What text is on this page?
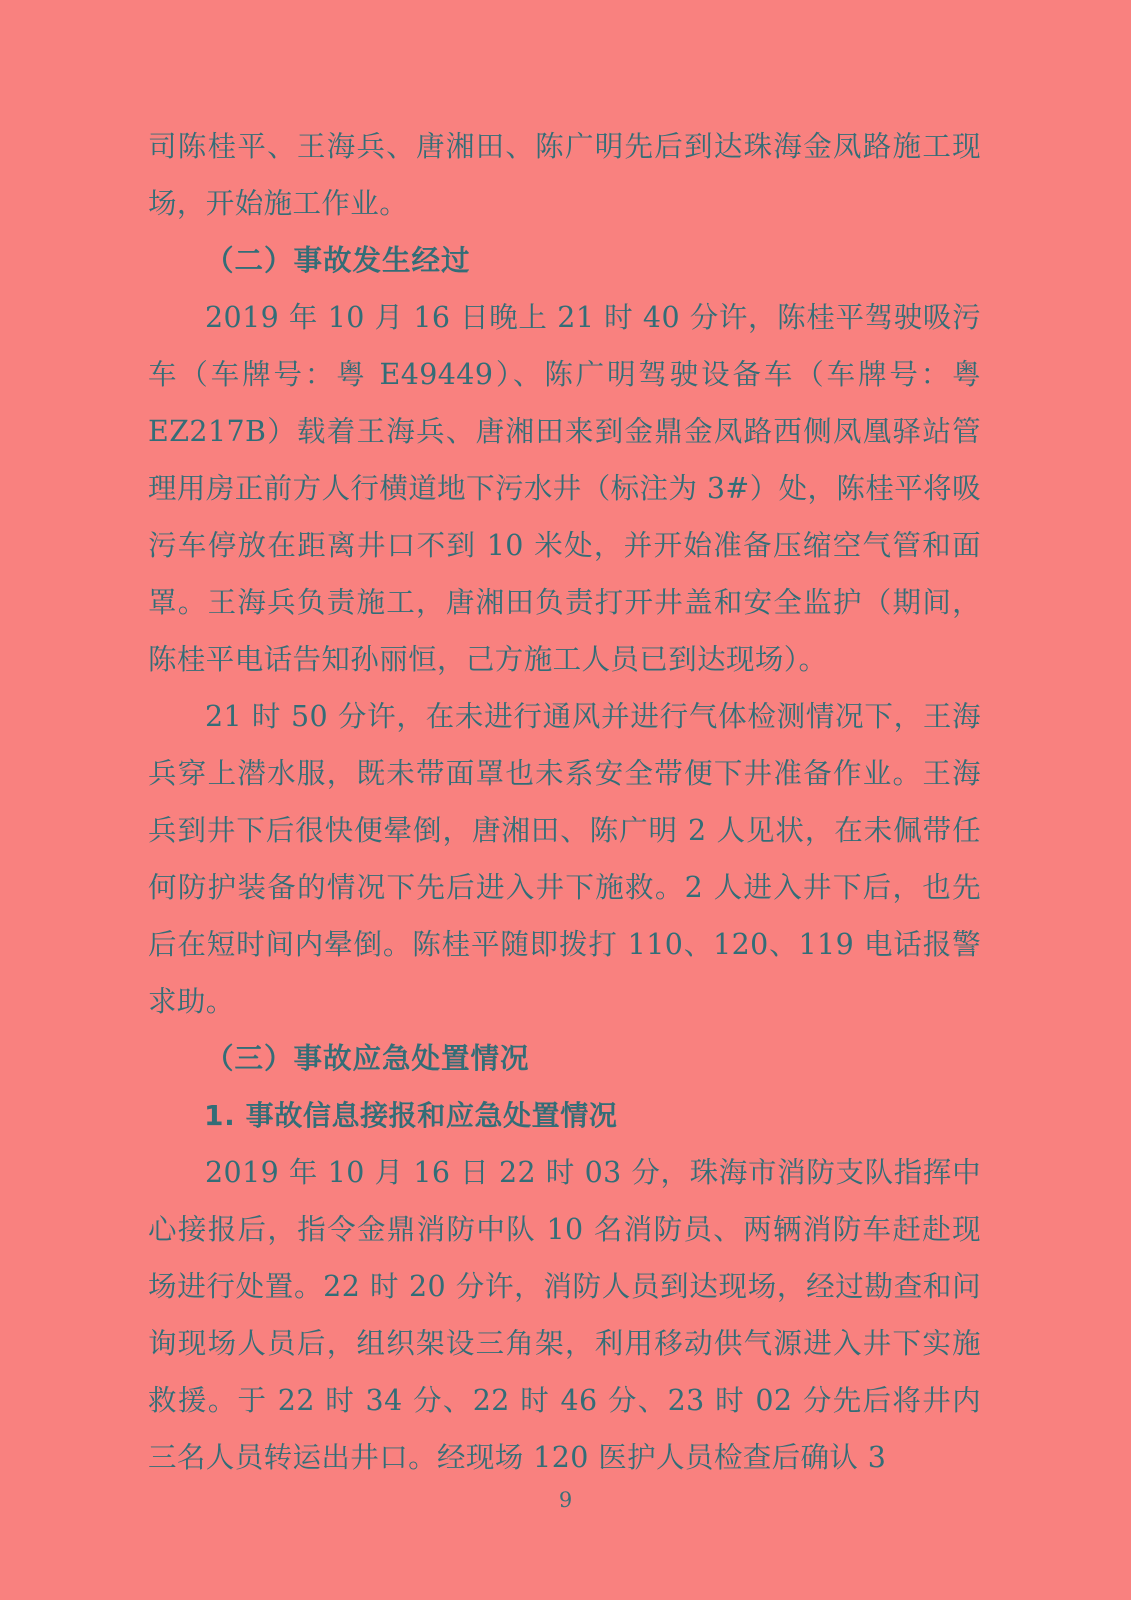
司陈桂平、王海兵、唐湘田、陈广明先后到达珠海金凤路施工现场，开始施工作业。

（二）事故发生经过

2019 年 10 月 16 日晚上 21 时 40 分许，陈桂平驾驶吸污车（车牌号：粤 E49449）、陈广明驾驶设备车（车牌号：粤 EZ217B）载着王海兵、唐湘田来到金鼎金凤路西侧凤凰驿站管理用房正前方人行横道地下污水井（标注为 3#）处，陈桂平将吸污车停放在距离井口不到 10 米处，并开始准备压缩空气管和面罩。王海兵负责施工，唐湘田负责打开井盖和安全监护（期间，陈桂平电话告知孙丽恒，己方施工人员已到达现场）。

21 时 50 分许，在未进行通风并进行气体检测情况下，王海兵穿上潜水服，既未带面罩也未系安全带便下井准备作业。王海兵到井下后很快便晕倒，唐湘田、陈广明 2 人见状，在未佩带任何防护装备的情况下先后进入井下施救。2 人进入井下后，也先后在短时间内晕倒。陈桂平随即拨打 110、120、119 电话报警求助。

（三）事故应急处置情况
1. 事故信息接报和应急处置情况

2019 年 10 月 16 日 22 时 03 分，珠海市消防支队指挥中心接报后，指令金鼎消防中队 10 名消防员、两辆消防车赶赴现场进行处置。22 时 20 分许，消防人员到达现场，经过勘查和问询现场人员后，组织架设三角架，利用移动供气源进入井下实施救援。于 22 时 34 分、22 时 46 分、23 时 02 分先后将井内三名人员转运出井口。经现场 120 医护人员检查后确认 3

9
